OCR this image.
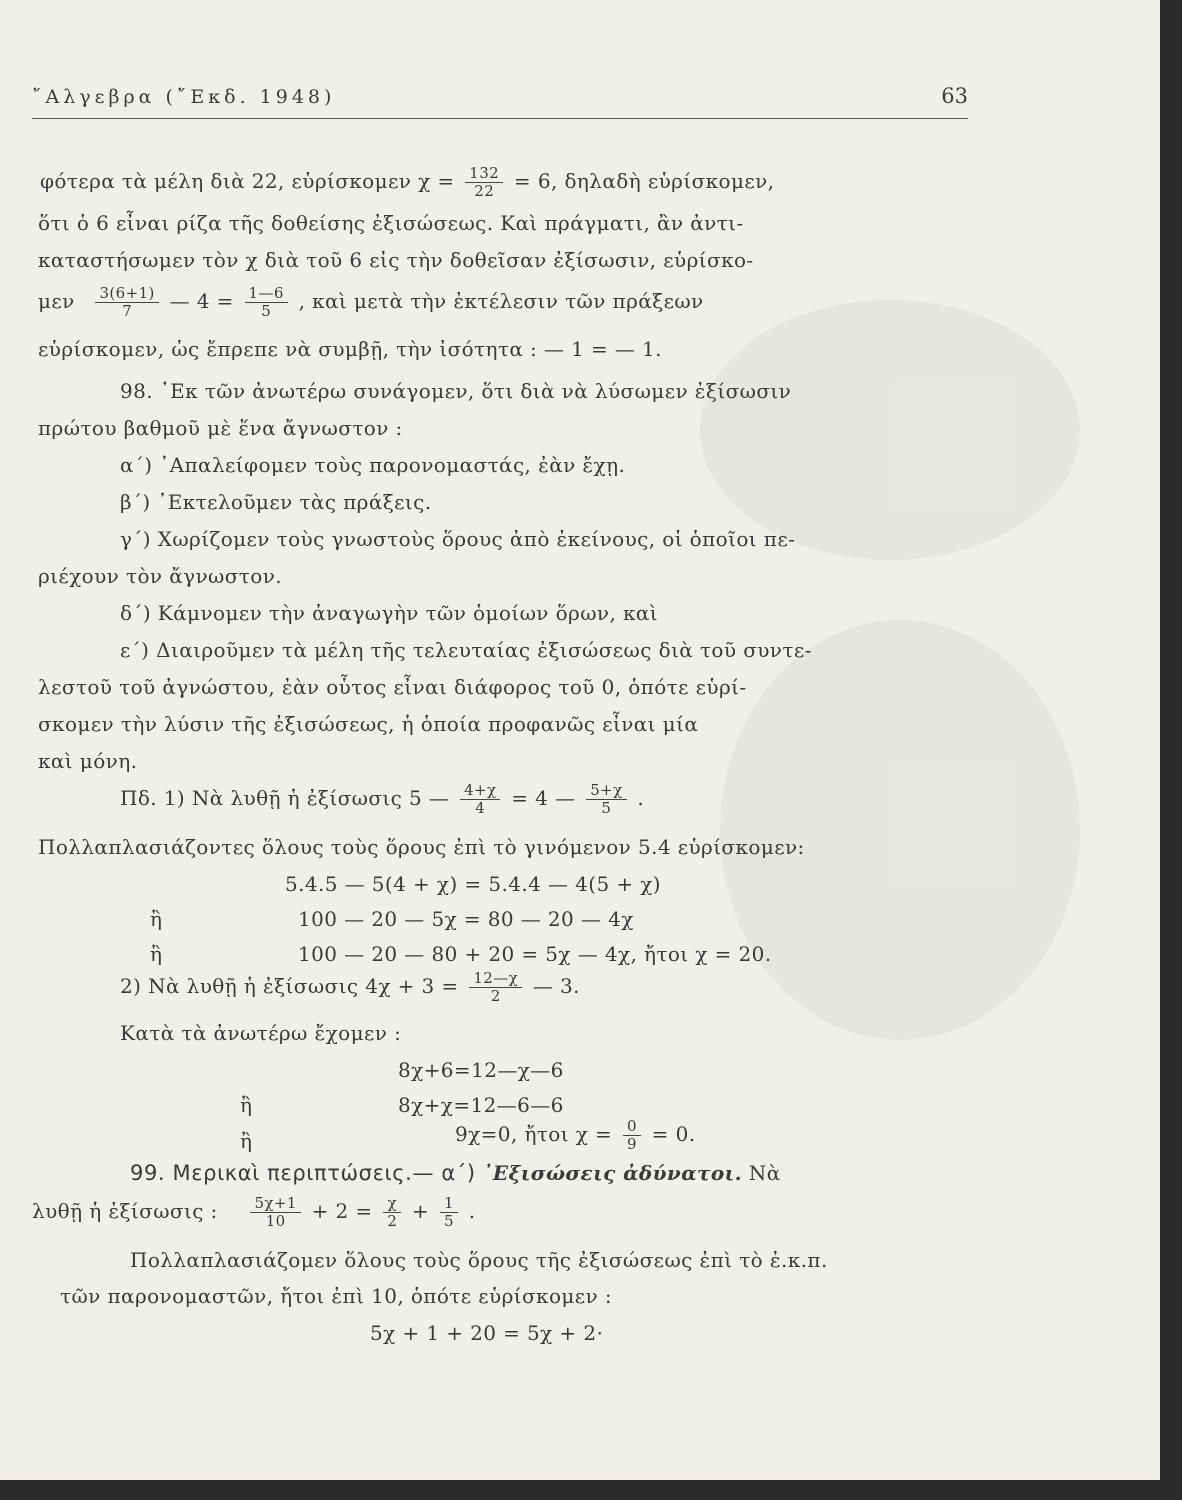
῎Αλγεβρα (῎Εκδ. 1948)	63
φότερα τὰ μέλη διὰ 22, εὑρίσκομεν $\chi = \frac{132}{22} = 6$, δηλαδὴ εὑρίσκομεν,
ὅτι ὁ 6 εἶναι ρίζα τῆς δοθείσης ἐξισώσεως. Καὶ πράγματι, ἂν ἀντι-
καταστήσωμεν τὸν χ διὰ τοῦ 6 εἰς τὴν δοθεῖσαν ἐξίσωσιν, εὑρίσκο-
μεν $\frac{3(6+1)}{7}$ — $4 = \frac{1—6}{5}$ , καὶ μετὰ τὴν ἐκτέλεσιν τῶν πράξεων
εὑρίσκομεν, ὡς ἔπρεπε νὰ συμβῇ, τὴν ἰσότητα : — 1 = — 1.
98. ᾿Εκ τῶν ἀνωτέρω συνάγομεν, ὅτι διὰ νὰ λύσωμεν ἐξίσωσιν
πρώτου βαθμοῦ μὲ ἕνα ἄγνωστον :
α´) ᾿Απαλείφομεν τοὺς παρονομαστάς, ἐὰν ἔχῃ.
β´) ᾿Εκτελοῦμεν τὰς πράξεις.
γ´) Χωρίζομεν τοὺς γνωστοὺς ὅρους ἀπὸ ἐκείνους, οἱ ὁποῖοι πε-
ριέχουν τὸν ἄγνωστον.
δ´) Κάμνομεν τὴν ἀναγωγὴν τῶν ὁμοίων ὅρων, καὶ
ε´) Διαιροῦμεν τὰ μέλη τῆς τελευταίας ἐξισώσεως διὰ τοῦ συντε-
λεστοῦ τοῦ ἀγνώστου, ἐὰν οὗτος εἶναι διάφορος τοῦ 0, ὁπότε εὑρί-
σκομεν τὴν λύσιν τῆς ἐξισώσεως, ἡ ὁποία προφανῶς εἶναι μία
καὶ μόνη.
Πδ. 1) Νὰ λυθῇ ἡ ἐξίσωσις 5 — $\frac{4+\chi}{4} = 4$ — $\frac{5+\chi}{5}$ .
Πολλαπλασιάζοντες ὅλους τοὺς ὅρους ἐπὶ τὸ γινόμενον 5.4 εὑρίσκομεν:
5.4.5 — 5(4 + χ) = 5.4.4 — 4(5 + χ)
ἢ	100 — 20 — 5χ = 80 — 20 — 4χ
ἢ	100 — 20 — 80 + 20 = 5χ — 4χ, ἤτοι χ = 20.
2) Νὰ λυθῇ ἡ ἐξίσωσις $4\chi + 3 = \frac{12—\chi}{2}$ — 3.
Κατὰ τὰ ἀνωτέρω ἔχομεν :
8χ+6=12—χ—6
ἢ	8χ+χ=12—6—6
ἢ	9χ=0, ἤτοι $\chi = \frac{0}{9} = 0$.
99. Μερικαὶ περιπτώσεις.— α´) ᾿Εξισώσεις ἀδύνατοι. Νὰ
λυθῇ ἡ ἐξίσωσις : $\frac{5\chi+1}{10} + 2 = \frac{\chi}{2} + \frac{1}{5}$ .
Πολλαπλασιάζομεν ὅλους τοὺς ὅρους τῆς ἐξισώσεως ἐπὶ τὸ ἐ.κ.π.
τῶν παρονομαστῶν, ἤτοι ἐπὶ 10, ὁπότε εὑρίσκομεν :
5χ + 1 + 20 = 5χ + 2·
